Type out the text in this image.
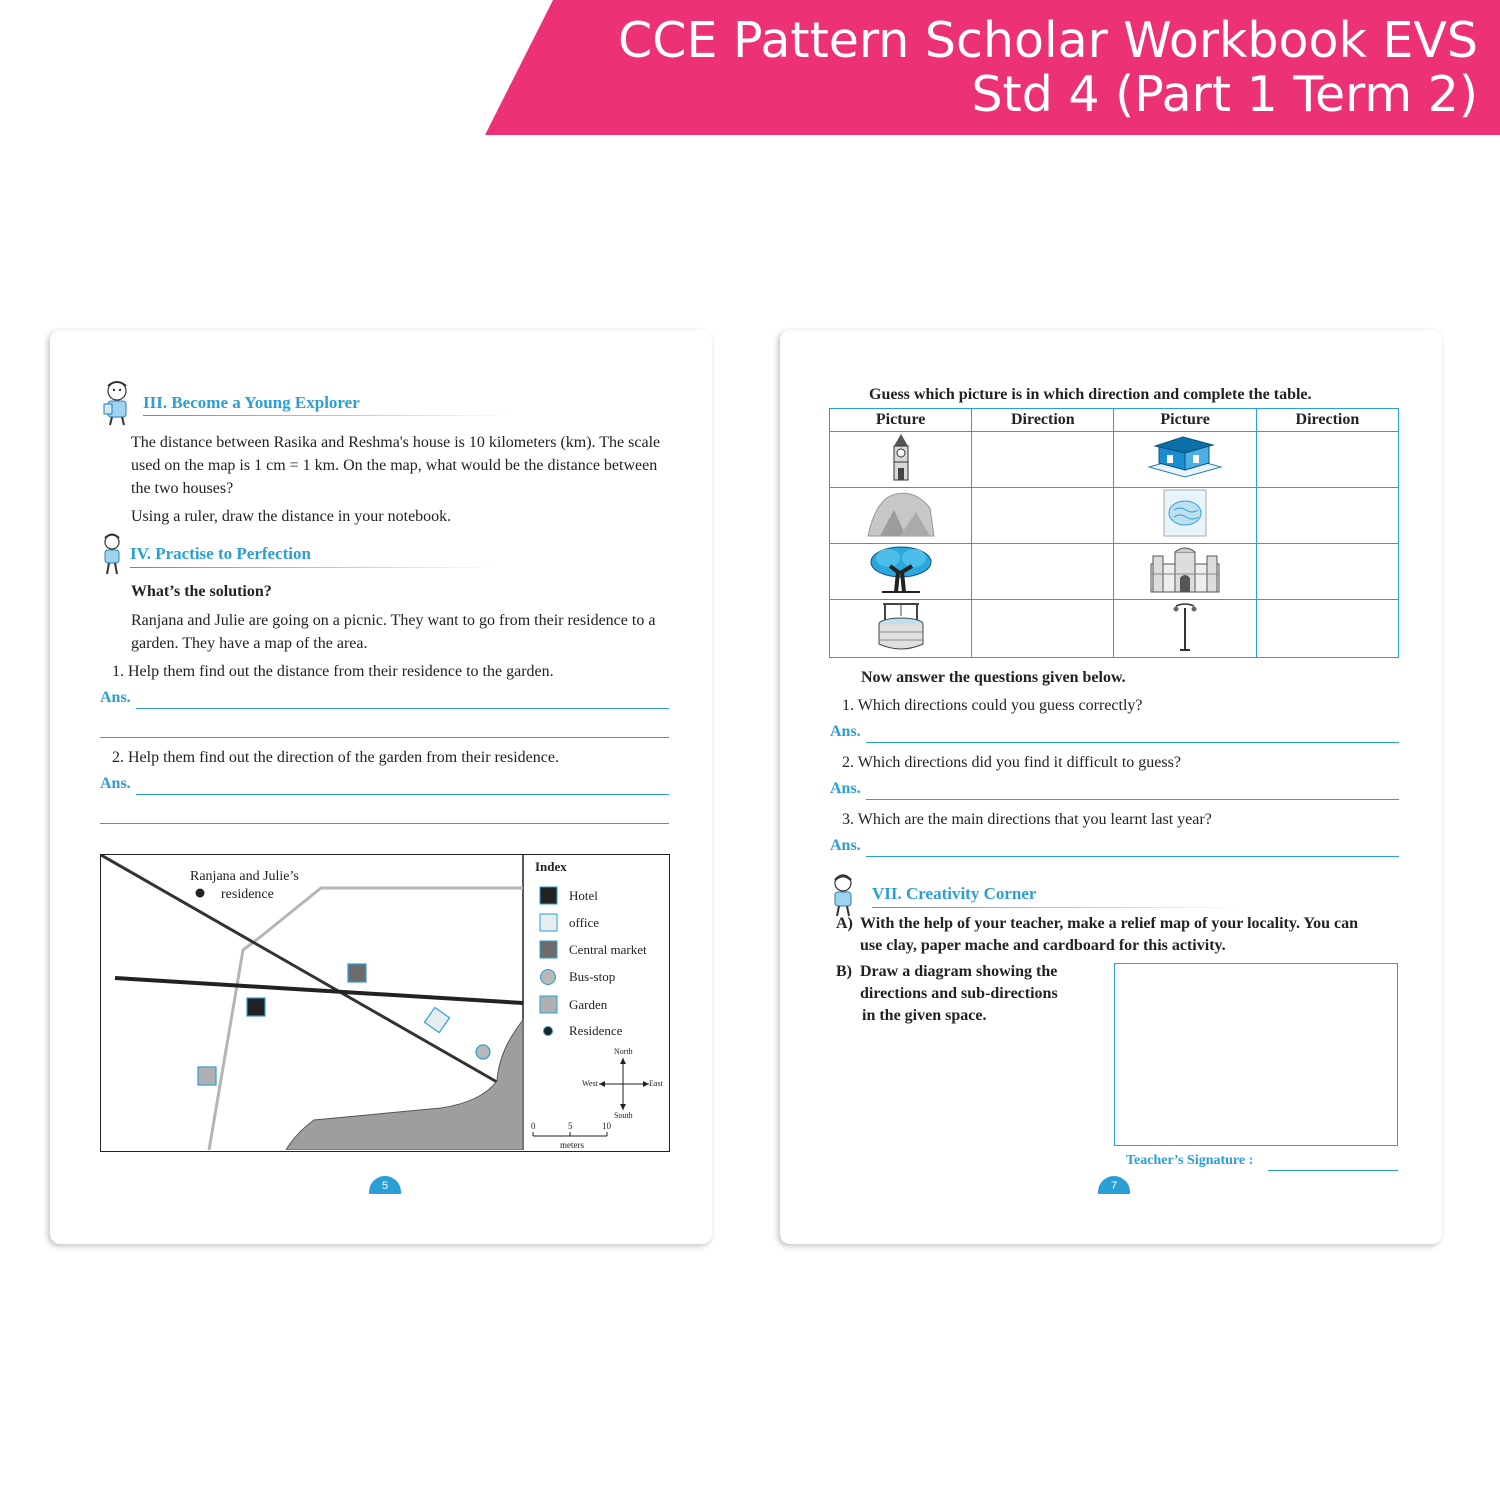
CCE Pattern Scholar Workbook EVS
Std 4 (Part 1 Term 2)
III. Become a Young Explorer
The distance between Rasika and Reshma's house is 10 kilometers (km). The scale used on the map is 1 cm = 1 km. On the map, what would be the distance between the two houses?
Using a ruler, draw the distance in your notebook.
IV. Practise to Perfection
What’s the solution?
Ranjana and Julie are going on a picnic. They want to go from their residence to a garden. They have a map of the area.
1. Help them find out the distance from their residence to the garden.
Ans.
2. Help them find out the direction of the garden from their residence.
Ans.
Ranjana and Julie’s
residence
Index
Hotel
office
Central market
Bus-stop
Garden
Residence
North
South
West	East
0	5	10
meters
5
Guess which picture is in which direction and complete the table.
Picture	Direction	Picture	Direction

Now answer the questions given below.
1. Which directions could you guess correctly?
Ans.
2. Which directions did you find it difficult to guess?
Ans.
3. Which are the main directions that you learnt last year?
Ans.
VII. Creativity Corner
A) With the help of your teacher, make a relief map of your locality. You can
use clay, paper mache and cardboard for this activity.
B) Draw a diagram showing the
directions and sub-directions
in the given space.
Teacher’s Signature :
7
